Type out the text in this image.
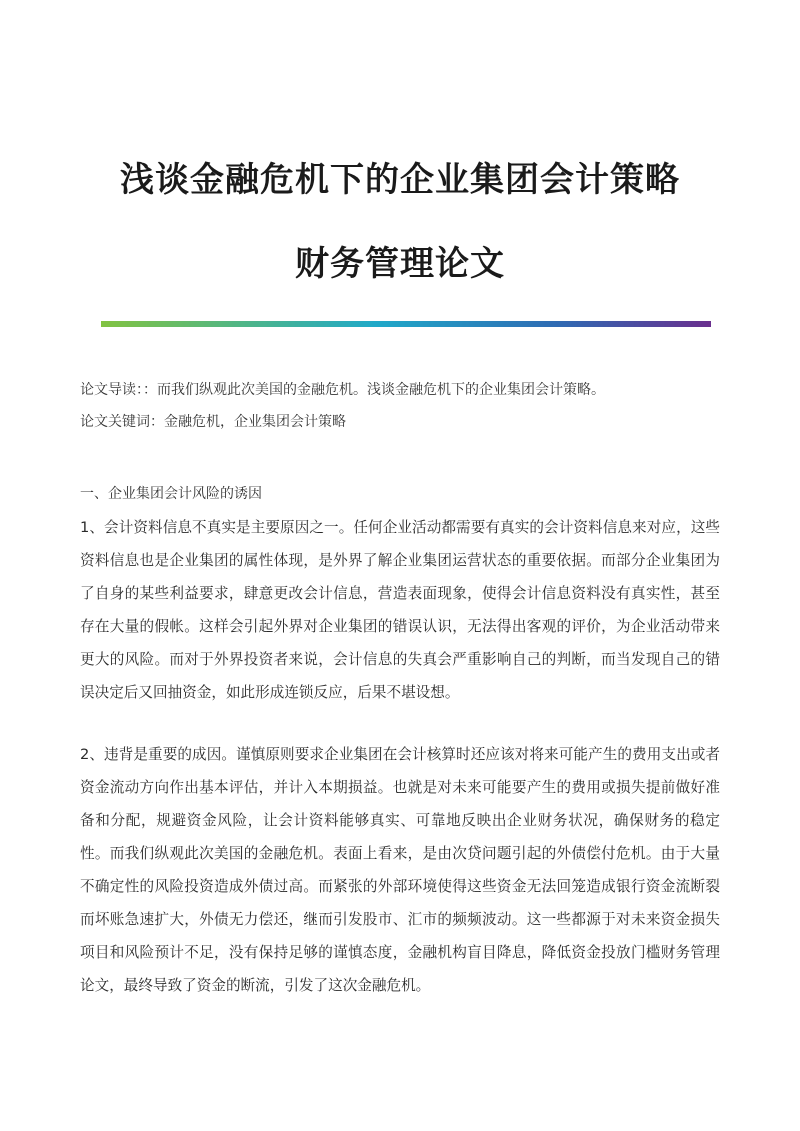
浅谈金融危机下的企业集团会计策略
财务管理论文
论文导读：：而我们纵观此次美国的金融危机。浅谈金融危机下的企业集团会计策略。
论文关键词：金融危机，企业集团会计策略
一、企业集团会计风险的诱因
1、会计资料信息不真实是主要原因之一。任何企业活动都需要有真实的会计资料信息来对应，这些资料信息也是企业集团的属性体现，是外界了解企业集团运营状态的重要依据。而部分企业集团为了自身的某些利益要求，肆意更改会计信息，营造表面现象，使得会计信息资料没有真实性，甚至存在大量的假帐。这样会引起外界对企业集团的错误认识，无法得出客观的评价，为企业活动带来更大的风险。而对于外界投资者来说，会计信息的失真会严重影响自己的判断，而当发现自己的错误决定后又回抽资金，如此形成连锁反应，后果不堪设想。
2、违背是重要的成因。谨慎原则要求企业集团在会计核算时还应该对将来可能产生的费用支出或者资金流动方向作出基本评估，并计入本期损益。也就是对未来可能要产生的费用或损失提前做好准备和分配，规避资金风险，让会计资料能够真实、可靠地反映出企业财务状况，确保财务的稳定性。而我们纵观此次美国的金融危机。表面上看来，是由次贷问题引起的外债偿付危机。由于大量不确定性的风险投资造成外债过高。而紧张的外部环境使得这些资金无法回笼造成银行资金流断裂而坏账急速扩大，外债无力偿还，继而引发股市、汇市的频频波动。这一些都源于对未来资金损失项目和风险预计不足，没有保持足够的谨慎态度，金融机构盲目降息，降低资金投放门槛财务管理论文，最终导致了资金的断流，引发了这次金融危机。
